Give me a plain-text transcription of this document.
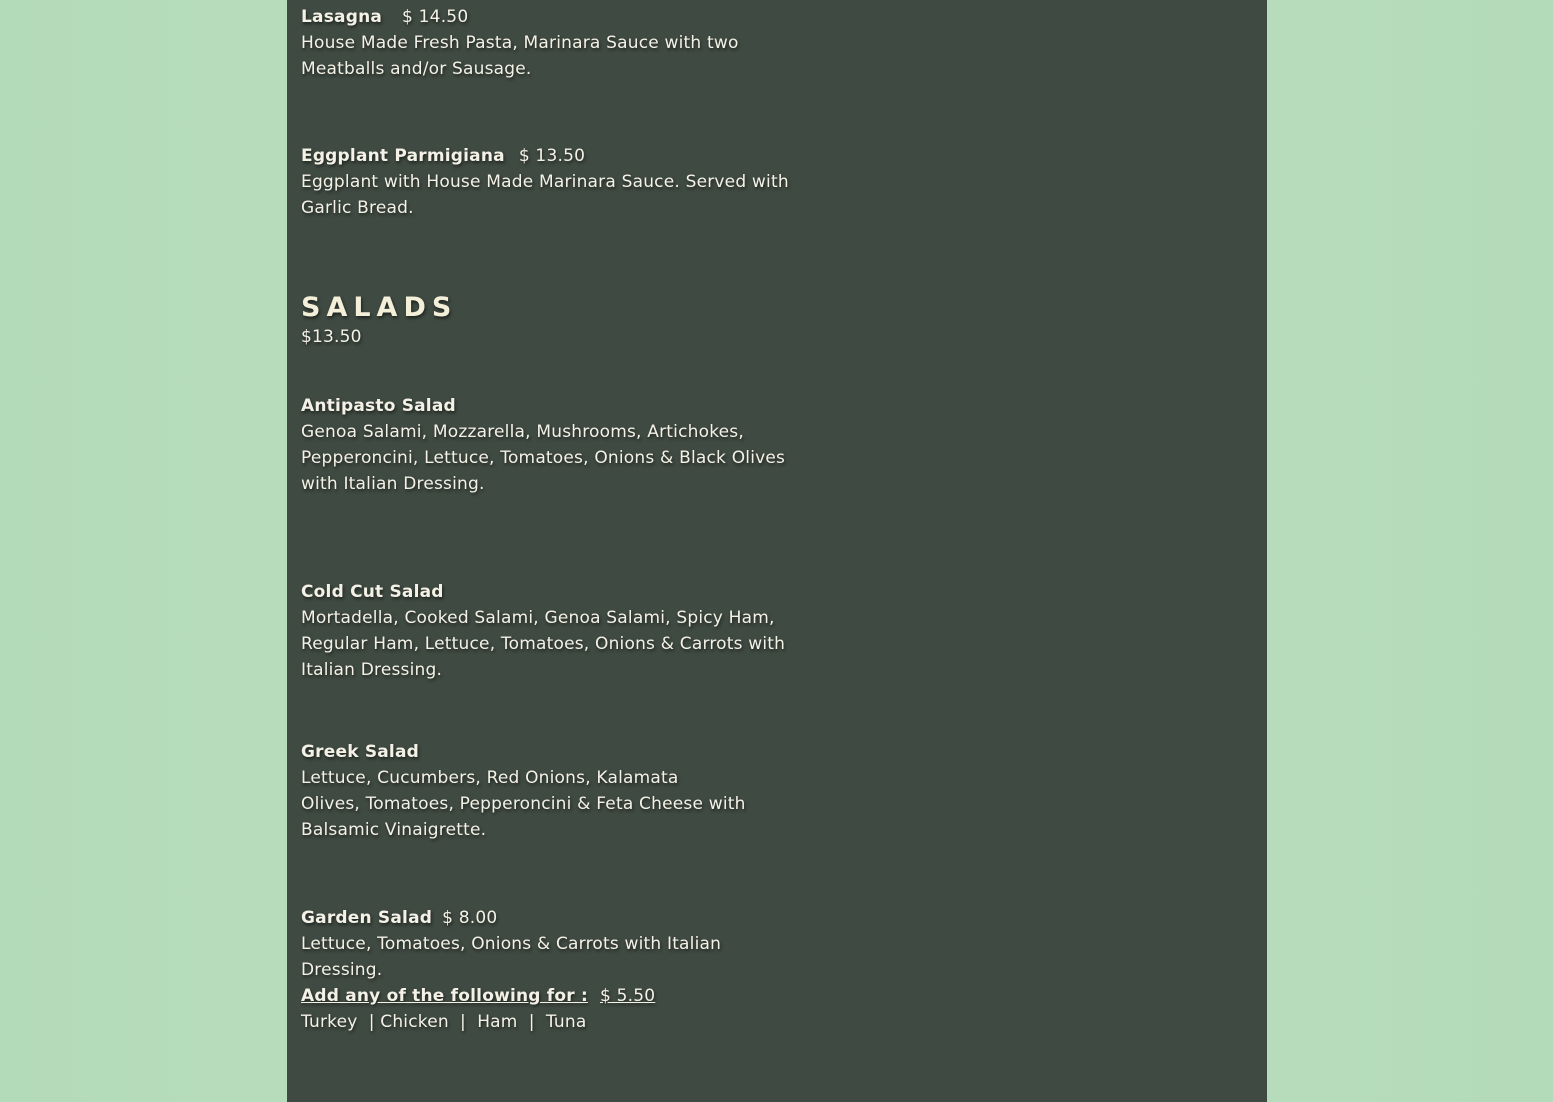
Lasagna $ 14.50
House Made Fresh Pasta, Marinara Sauce with two
Meatballs and/or Sausage.
Eggplant Parmigiana $ 13.50
Eggplant with House Made Marinara Sauce. Served with
Garlic Bread.
SALADS
$13.50
Antipasto Salad
Genoa Salami, Mozzarella, Mushrooms, Artichokes,
Pepperoncini, Lettuce, Tomatoes, Onions & Black Olives
with Italian Dressing.
Cold Cut Salad
Mortadella, Cooked Salami, Genoa Salami, Spicy Ham,
Regular Ham, Lettuce, Tomatoes, Onions & Carrots with
Italian Dressing.
Greek Salad
Lettuce, Cucumbers, Red Onions, Kalamata
Olives, Tomatoes, Pepperoncini & Feta Cheese with
Balsamic Vinaigrette.
Garden Salad $ 8.00
Lettuce, Tomatoes, Onions & Carrots with Italian
Dressing.
Add any of the following for : $ 5.50
Turkey  | Chicken  |  Ham  |  Tuna
